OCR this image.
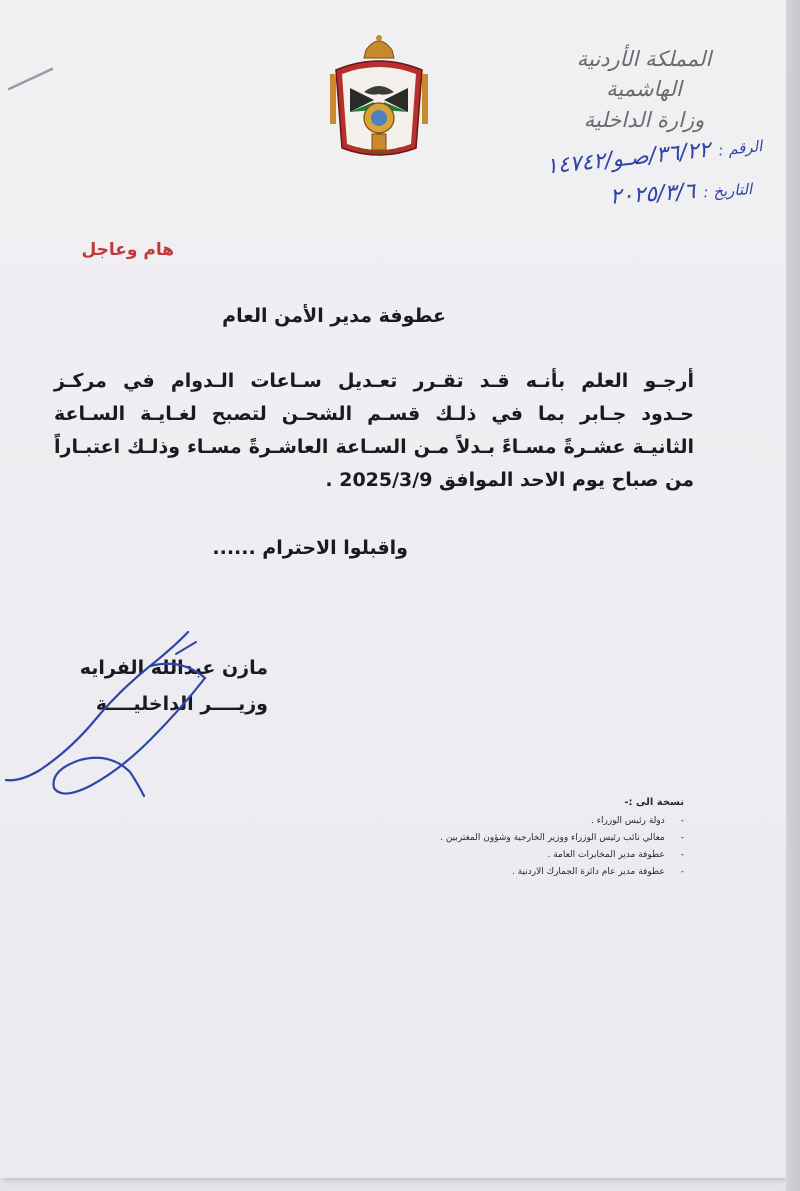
المملكة الأردنية الهاشمية
وزارة الداخلية
الرقم :
٣٦/٢٢/صـو/١٤٧٤٢
التاريخ :
٢٠٢٥/٣/٦
هام وعاجل
عطوفة مدير الأمن العام

أرجـو العلم بأنـه قـد تقـرر تعـديل سـاعات الـدوام في مركـز

حـدود جـابر بما في ذلـك قسـم الشحـن لتصبح لغـايـة السـاعة

الثانيـة عشـرةً مسـاءً بـدلاً مـن السـاعة العاشـرةً مسـاء وذلـك اعتبـاراً

من صباح يوم الاحد الموافق 2025/3/9 .

واقبلوا الاحترام ......
مازن عبدالله الفرايه
وزيــــر الداخليــــة
نسخة الى :-
- دولة رئيس الوزراء .
- معالي نائب رئيس الوزراء ووزير الخارجية وشؤون المغتربين .
- عطوفة مدير المخابرات العامة .
- عطوفة مدير عام دائرة الجمارك الاردنية .
